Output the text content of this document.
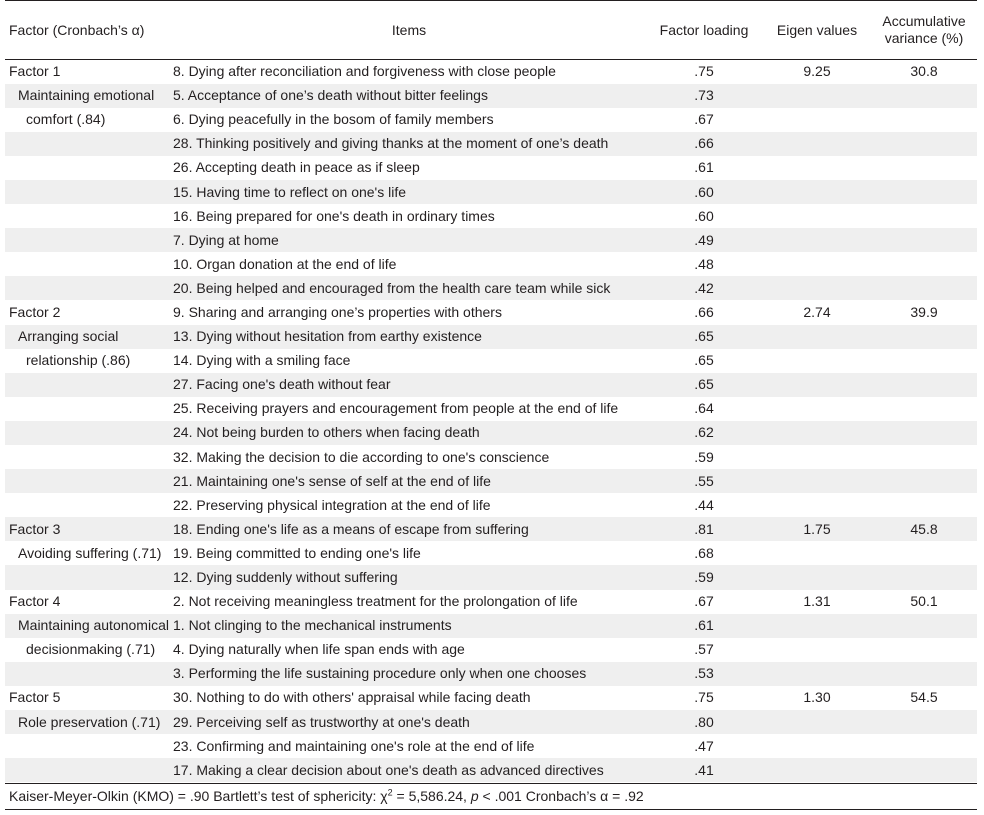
Factor (Cronbach’s α)	Items	Factor loading	Eigen values	Accumulative
variance (%)
Factor 1	8. Dying after reconciliation and forgiveness with close people	.75	9.25	30.8
Maintaining emotional	5. Acceptance of one’s death without bitter feelings	.73		
comfort (.84)	6. Dying peacefully in the bosom of family members	.67		
	28. Thinking positively and giving thanks at the moment of one’s death	.66		
	26. Accepting death in peace as if sleep	.61		
	15. Having time to reflect on one's life	.60		
	16. Being prepared for one's death in ordinary times	.60		
	7. Dying at home	.49		
	10. Organ donation at the end of life	.48		
	20. Being helped and encouraged from the health care team while sick	.42		
Factor 2	9. Sharing and arranging one’s properties with others	.66	2.74	39.9
Arranging social	13. Dying without hesitation from earthy existence	.65		
relationship (.86)	14. Dying with a smiling face	.65		
	27. Facing one's death without fear	.65		
	25. Receiving prayers and encouragement from people at the end of life	.64		
	24. Not being burden to others when facing death	.62		
	32. Making the decision to die according to one's conscience	.59		
	21. Maintaining one's sense of self at the end of life	.55		
	22. Preserving physical integration at the end of life	.44		
Factor 3	18. Ending one's life as a means of escape from suffering	.81	1.75	45.8
Avoiding suffering (.71)	19. Being committed to ending one's life	.68		
	12. Dying suddenly without suffering	.59		
Factor 4	2. Not receiving meaningless treatment for the prolongation of life	.67	1.31	50.1
Maintaining autonomical	1. Not clinging to the mechanical instruments	.61		
decisionmaking (.71)	4. Dying naturally when life span ends with age	.57		
	3. Performing the life sustaining procedure only when one chooses	.53		
Factor 5	30. Nothing to do with others' appraisal while facing death	.75	1.30	54.5
Role preservation (.71)	29. Perceiving self as trustworthy at one's death	.80		
	23. Confirming and maintaining one's role at the end of life	.47		
	17. Making a clear decision about one's death as advanced directives	.41		
Kaiser-Meyer-Olkin (KMO) = .90 Bartlett’s test of sphericity: $\chi^2 = 5,586.24$, p < .001 Cronbach’s α = .92
